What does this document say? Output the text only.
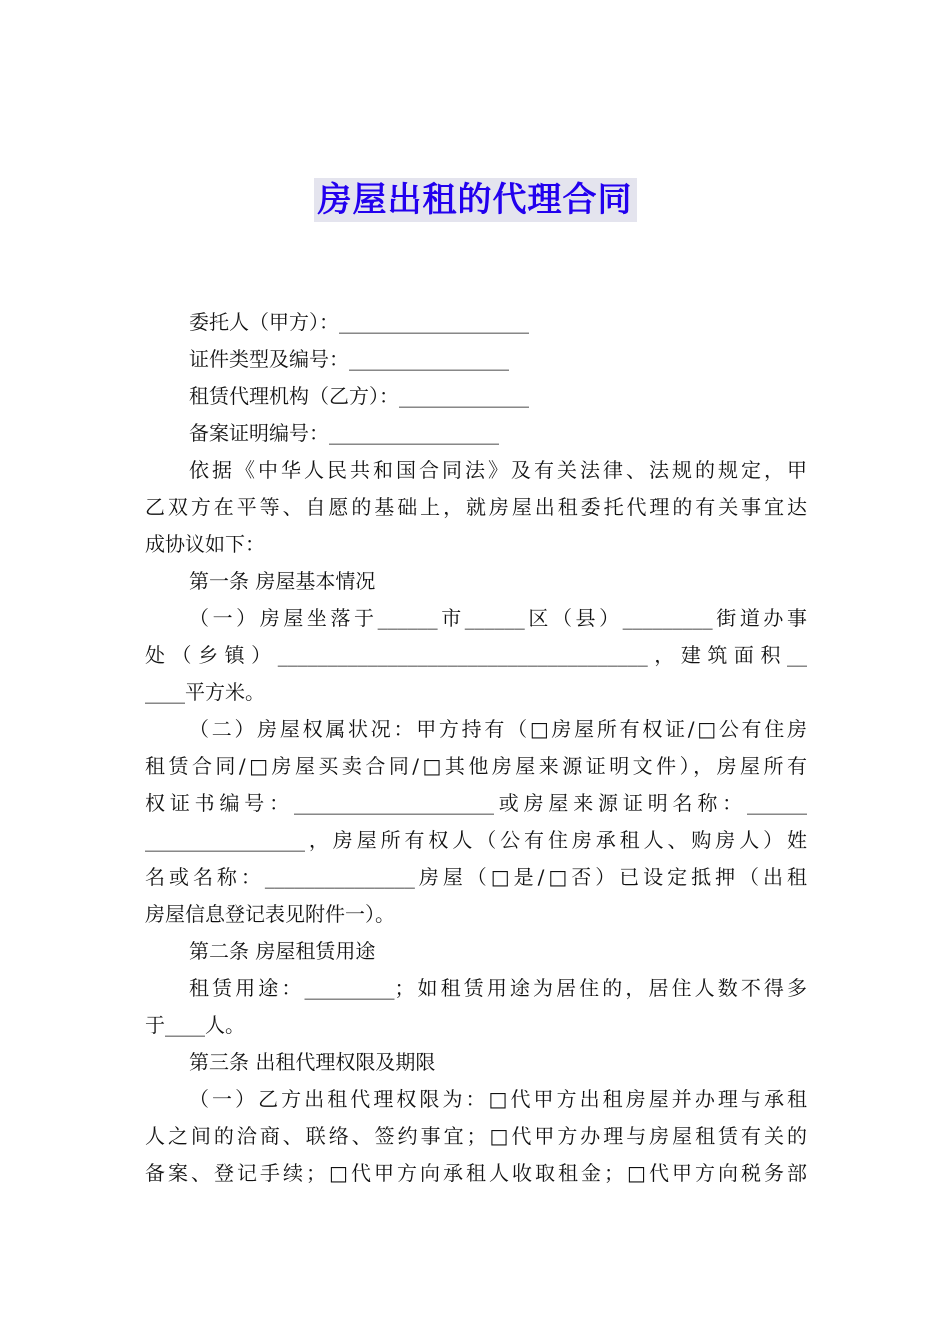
房屋出租的代理合同
委托人（甲方）：___________________
证件类型及编号：________________
租赁代理机构（乙方）：_____________
备案证明编号：_________________
依据《中华人民共和国合同法》及有关法律、法规的规定，甲
乙双方在平等、自愿的基础上，就房屋出租委托代理的有关事宜达
成协议如下：
第一条 房屋基本情况
（一）房屋坐落于______市______区（县）_________街道办事
处（乡镇）_____________________________________，建筑面积__
____平方米。
（二）房屋权属状况：甲方持有（□房屋所有权证/□公有住房
租赁合同/□房屋买卖合同/□其他房屋来源证明文件），房屋所有
权证书编号：____________________或房屋来源证明名称：______
________________，房屋所有权人（公有住房承租人、购房人）姓
名或名称：_______________房屋（□是/□否）已设定抵押（出租
房屋信息登记表见附件一）。
第二条 房屋租赁用途
租赁用途：_________；如租赁用途为居住的，居住人数不得多
于____人。
第三条 出租代理权限及期限
（一）乙方出租代理权限为：□代甲方出租房屋并办理与承租
人之间的洽商、联络、签约事宜；□代甲方办理与房屋租赁有关的
备案、登记手续；□代甲方向承租人收取租金；□代甲方向税务部
